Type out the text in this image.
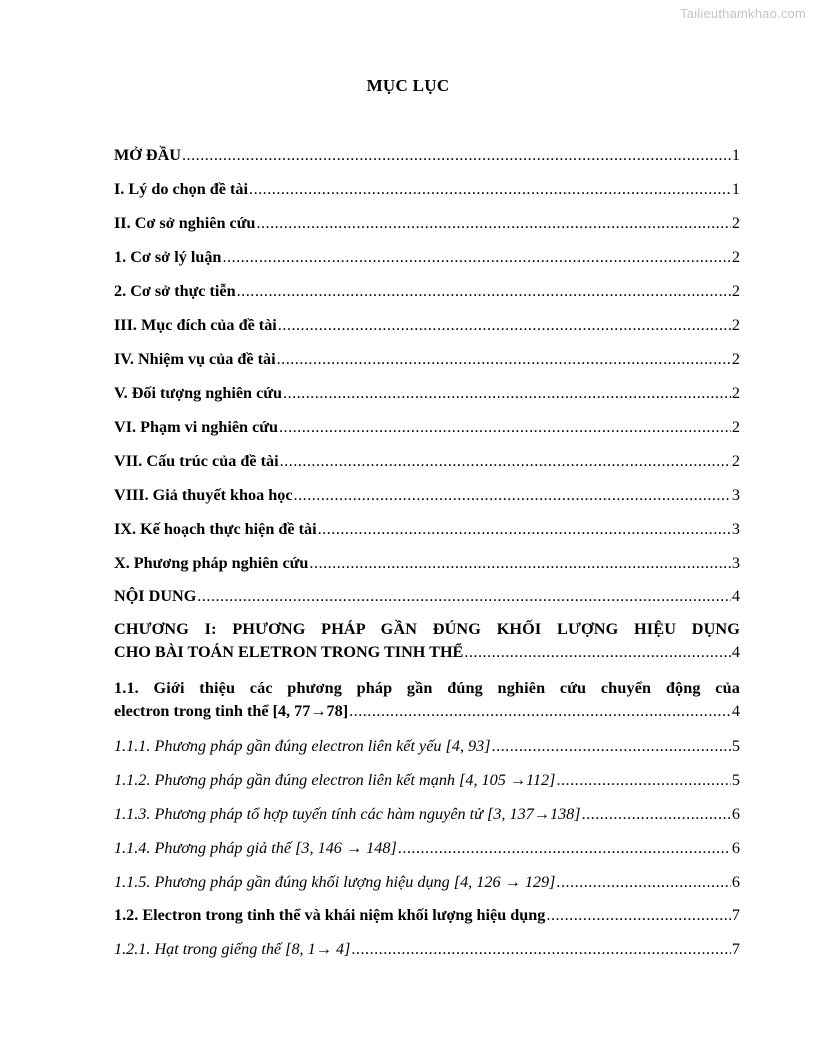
Tailieuthamkhao.com
MỤC LỤC
MỞ ĐẦU .....	1
I. Lý do chọn đề tài .....	1
II. Cơ sở nghiên cứu .....	2
1. Cơ sở lý luận .....	2
2. Cơ sở thực tiễn .....	2
III. Mục đích của đề tài .....	2
IV. Nhiệm vụ của đề tài .....	2
V. Đối tượng nghiên cứu .....	2
VI. Phạm vi nghiên cứu .....	2
VII. Cấu trúc của đề tài .....	2
VIII. Giả thuyết khoa học .....	3
IX. Kế hoạch thực hiện đề tài .....	3
X. Phương pháp nghiên cứu .....	3
NỘI DUNG .....	4
CHƯƠNG I: PHƯƠNG PHÁP GẦN ĐÚNG KHỐI LƯỢNG HIỆU DỤNG
CHO BÀI TOÁN ELETRON TRONG TINH THỂ .....	4
1.1. Giới thiệu các phương pháp gần đúng nghiên cứu chuyển động của
electron trong tinh thể [4, 77→78] .....	4
1.1.1. Phương pháp gần đúng electron liên kết yếu [4, 93] .....	5
1.1.2. Phương pháp gần đúng electron liên kết mạnh [4, 105 →112] .....	5
1.1.3. Phương pháp tổ hợp tuyến tính các hàm nguyên tử [3, 137→138] .....	6
1.1.4. Phương pháp giả thế [3, 146 → 148] .....	6
1.1.5. Phương pháp gần đúng khối lượng hiệu dụng [4, 126 → 129] .....	6
1.2. Electron trong tinh thể và khái niệm khối lượng hiệu dụng .....	7
1.2.1. Hạt trong giếng thế [8, 1→ 4] .....	7
